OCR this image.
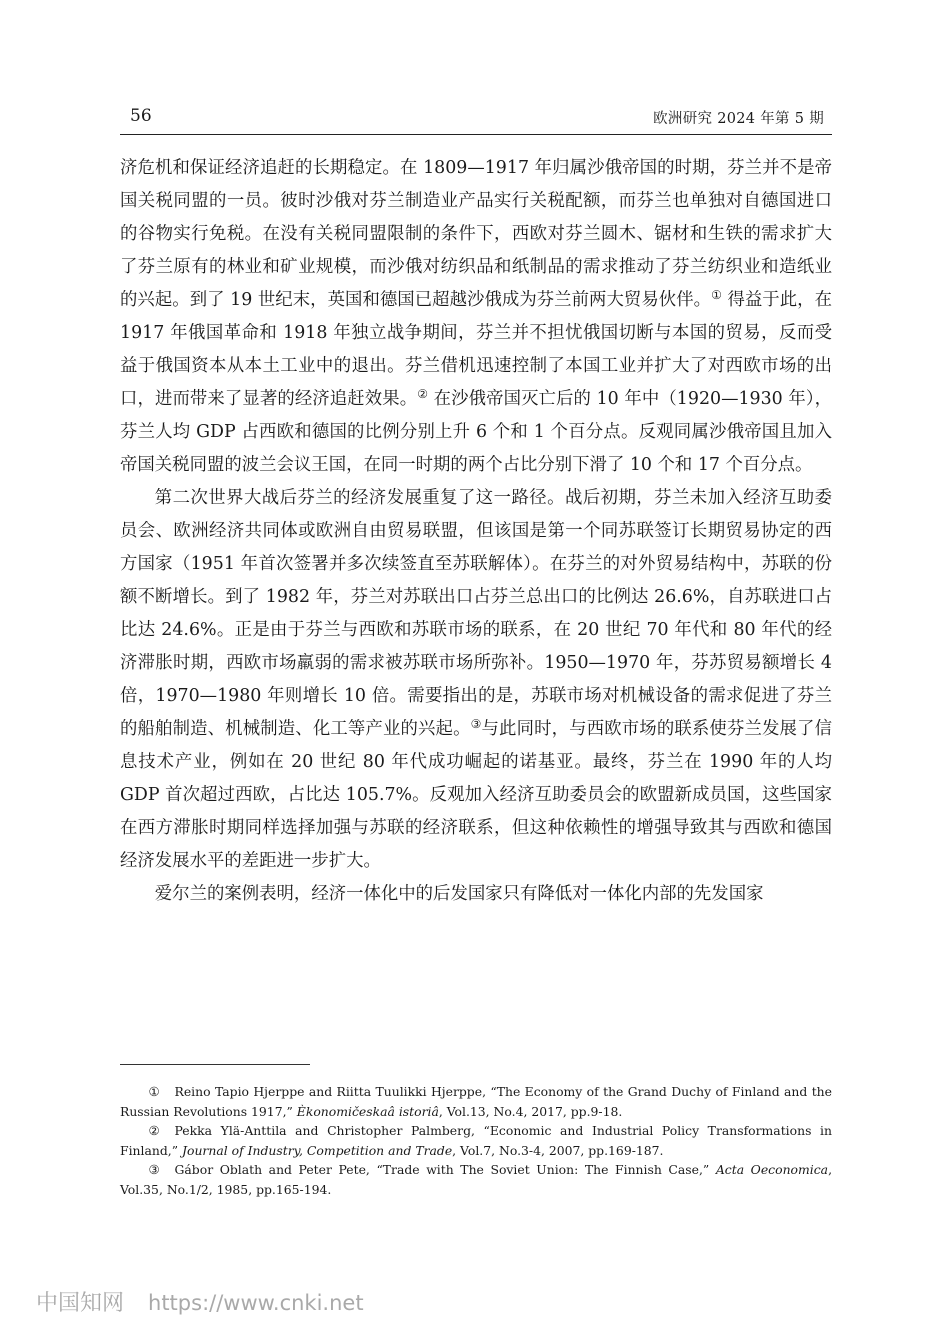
56	欧洲研究 2024 年第 5 期

济危机和保证经济追赶的长期稳定。在 1809—1917 年归属沙俄帝国的时期，芬兰并不是帝国关税同盟的一员。彼时沙俄对芬兰制造业产品实行关税配额，而芬兰也单独对自德国进口的谷物实行免税。在没有关税同盟限制的条件下，西欧对芬兰圆木、锯材和生铁的需求扩大了芬兰原有的林业和矿业规模，而沙俄对纺织品和纸制品的需求推动了芬兰纺织业和造纸业的兴起。到了 19 世纪末，英国和德国已超越沙俄成为芬兰前两大贸易伙伴。① 得益于此，在 1917 年俄国革命和 1918 年独立战争期间，芬兰并不担忧俄国切断与本国的贸易，反而受益于俄国资本从本土工业中的退出。芬兰借机迅速控制了本国工业并扩大了对西欧市场的出口，进而带来了显著的经济追赶效果。② 在沙俄帝国灭亡后的 10 年中（1920—1930 年），芬兰人均 GDP 占西欧和德国的比例分别上升 6 个和 1 个百分点。反观同属沙俄帝国且加入帝国关税同盟的波兰会议王国，在同一时期的两个占比分别下滑了 10 个和 17 个百分点。

第二次世界大战后芬兰的经济发展重复了这一路径。战后初期，芬兰未加入经济互助委员会、欧洲经济共同体或欧洲自由贸易联盟，但该国是第一个同苏联签订长期贸易协定的西方国家（1951 年首次签署并多次续签直至苏联解体）。在芬兰的对外贸易结构中，苏联的份额不断增长。到了 1982 年，芬兰对苏联出口占芬兰总出口的比例达 26.6%，自苏联进口占比达 24.6%。正是由于芬兰与西欧和苏联市场的联系，在 20 世纪 70 年代和 80 年代的经济滞胀时期，西欧市场羸弱的需求被苏联市场所弥补。1950—1970 年，芬苏贸易额增长 4 倍，1970—1980 年则增长 10 倍。需要指出的是，苏联市场对机械设备的需求促进了芬兰的船舶制造、机械制造、化工等产业的兴起。③与此同时，与西欧市场的联系使芬兰发展了信息技术产业，例如在 20 世纪 80 年代成功崛起的诺基亚。最终，芬兰在 1990 年的人均 GDP 首次超过西欧，占比达 105.7%。反观加入经济互助委员会的欧盟新成员国，这些国家在西方滞胀时期同样选择加强与苏联的经济联系，但这种依赖性的增强导致其与西欧和德国经济发展水平的差距进一步扩大。

爱尔兰的案例表明，经济一体化中的后发国家只有降低对一体化内部的先发国家

① Reino Tapio Hjerppe and Riitta Tuulikki Hjerppe, “The Economy of the Grand Duchy of Finland and the Russian Revolutions 1917,” Èkonomičeskaâ istoriâ, Vol.13, No.4, 2017, pp.9-18.

② Pekka Ylä-Anttila and Christopher Palmberg, “Economic and Industrial Policy Transformations in Finland,” Journal of Industry, Competition and Trade, Vol.7, No.3-4, 2007, pp.169-187.

③ Gábor Oblath and Peter Pete, “Trade with The Soviet Union: The Finnish Case,” Acta Oeconomica, Vol.35, No.1/2, 1985, pp.165-194.

中国知网 https://www.cnki.net
